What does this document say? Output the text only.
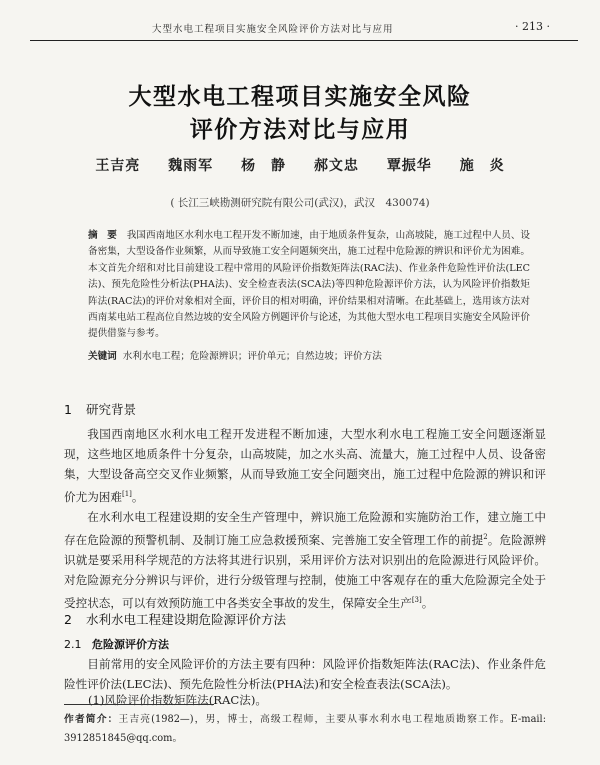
大型水电工程项目实施安全风险评价方法对比与应用	· 213 ·
大型水电工程项目实施安全风险
评价方法对比与应用
王吉亮 魏雨军 杨　静 郝文忠 覃振华 施　炎
( 长江三峡勘测研究院有限公司(武汉)，武汉　430074)
摘　要 我国西南地区水利水电工程开发不断加速，由于地质条件复杂，山高坡陡，施工过程中人员、设备密集，大型设备作业频繁，从而导致施工安全问题频突出，施工过程中危险源的辨识和评价尤为困难。本文首先介绍和对比目前建设工程中常用的风险评价指数矩阵法(RAC法)、作业条件危险性评价法(LEC法)、预先危险性分析法(PHA法)、安全检查表法(SCA法)等四种危险源评价方法，认为风险评价指数矩阵法(RAC法)的评价对象相对全面，评价目的相对明确，评价结果相对清晰。在此基础上，选用该方法对西南某电站工程高位自然边坡的安全风险方例题评价与论述，为其他大型水电工程项目实施安全风险评价提供借鉴与参考。
关键词 水利水电工程；危险源辨识；评价单元；自然边坡；评价方法
1 研究背景
我国西南地区水利水电工程开发进程不断加速，大型水利水电工程施工安全问题逐渐显现，这些地区地质条件十分复杂，山高坡陡，加之水头高、流量大，施工过程中人员、设备密集，大型设备高空交叉作业频繁，从而导致施工安全问题突出，施工过程中危险源的辨识和评价尤为困难[1]。
在水利水电工程建设期的安全生产管理中，辨识施工危险源和实施防治工作，建立施工中存在危险源的预警机制、及制订施工应急救援预案、完善施工安全管理工作的前提$^2$。危险源辨识就是要采用科学规范的方法将其进行识别，采用评价方法对识别出的危险源进行风险评价。对危险源充分分辨识与评价，进行分级管理与控制，使施工中客观存在的重大危险源完全处于受控状态，可以有效预防施工中各类安全事故的发生，保障安全生产[3]。
2 水利水电工程建设期危险源评价方法
2.1 危险源评价方法
目前常用的安全风险评价的方法主要有四种：风险评价指数矩阵法(RAC法)、作业条件危险性评价法(LEC法)、预先危险性分析法(PHA法)和安全检查表法(SCA法)。
(1)风险评价指数矩阵法(RAC法)。
作者简介：王吉亮(1982—)，男，博士，高级工程师，主要从事水利水电工程地质勘察工作。E-mail: 3912851845@qq.com。
